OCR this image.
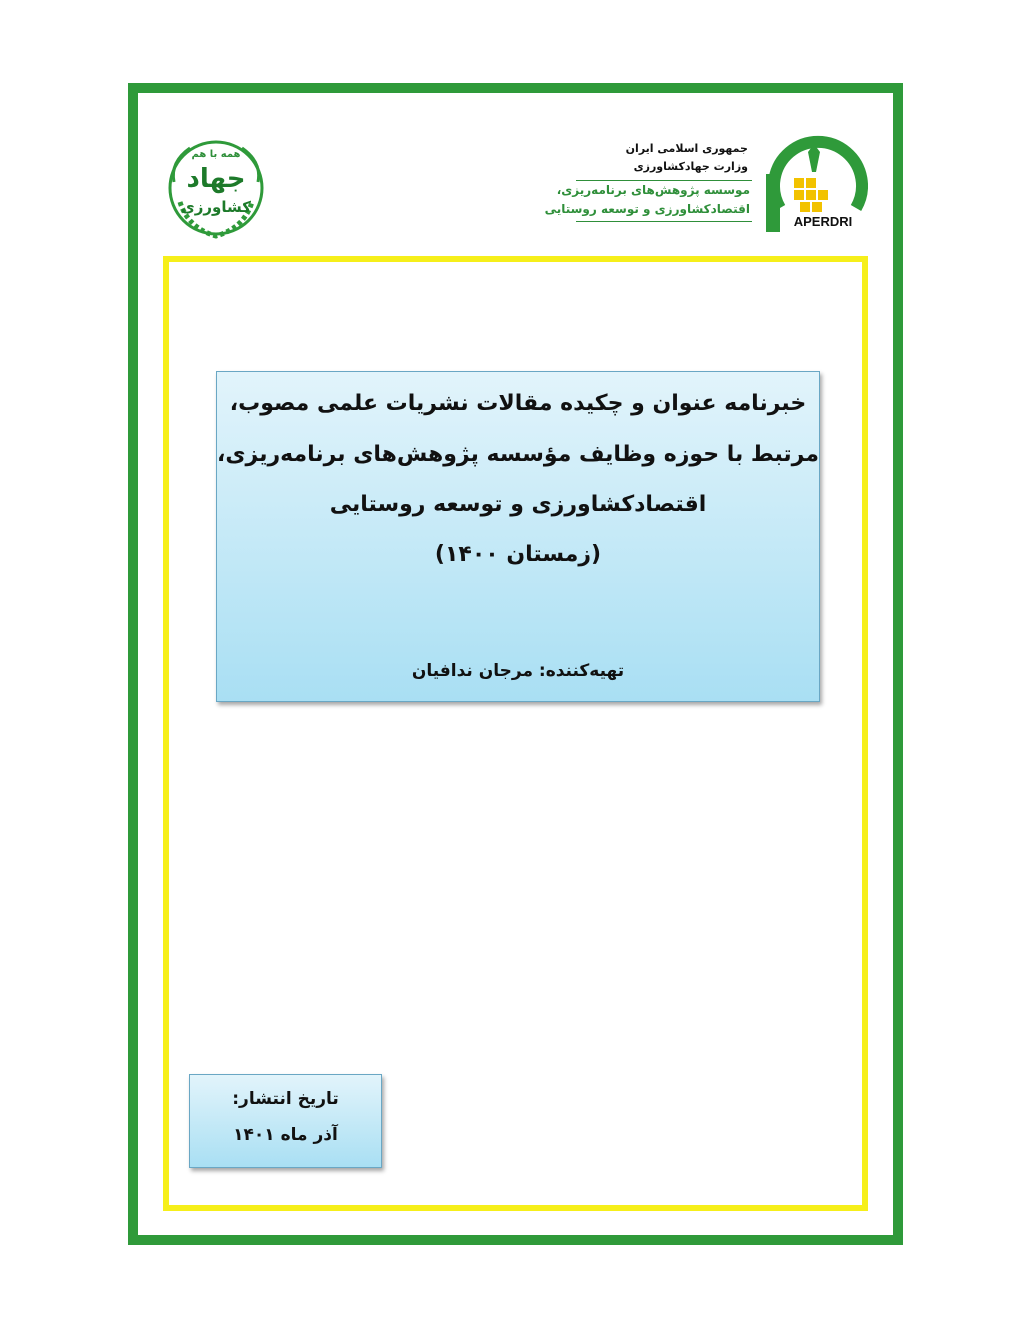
همه با هم
جهاد
کشاورزی
APERDRI
جمهوری اسلامی ایران
وزارت جهادکشاورزی
موسسه پژوهش‌های برنامه‌ریزی،
اقتصادکشاورزی و توسعه روستایی
خبرنامه عنوان و چکیده مقالات نشریات علمی مصوب،
مرتبط با حوزه وظایف مؤسسه پژوهش‌های برنامه‌ریزی،
اقتصادکشاورزی و توسعه روستایی
(زمستان ۱۴۰۰)
تهیه‌کننده: مرجان ندافیان
تاریخ انتشار:
آذر ماه ۱۴۰۱
